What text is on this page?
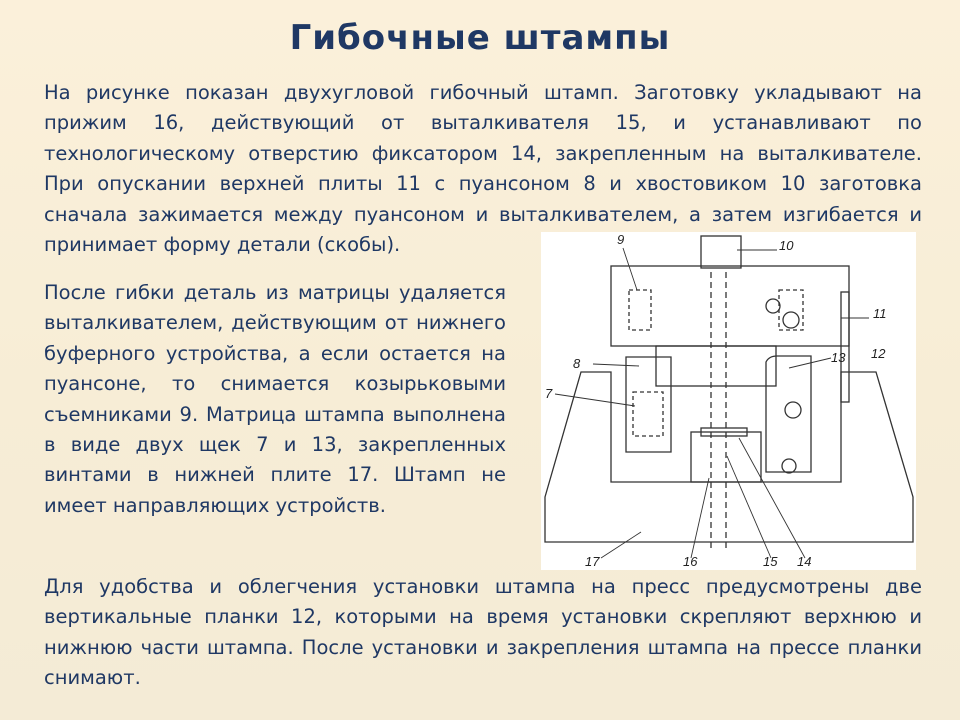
Гибочные штампы

На рисунке показан двухугловой гибочный штамп. Заготовку укладывают на прижим 16, действующий от выталкивателя 15, и устанавливают по технологическому отверстию фиксатором 14, закрепленным на выталкивателе. При опускании верхней плиты 11 с пуансоном 8 и хвостовиком 10 заготовка сначала зажимается между пуансоном и выталкивателем, а затем изгибается и принимает форму детали (скобы).

После гибки деталь из матрицы удаляется выталкивателем, действующим от нижнего буферного устройства, а если остается на пуансоне, то снимается козырьковыми съемниками 9. Матрица штампа выполнена в виде двух щек 7 и 13, закрепленных винтами в нижней плите 17. Штамп не имеет направляющих устройств.

Для удобства и облегчения установки штампа на пресс предусмотрены две вертикальные планки 12, которыми на время установки скрепляют верхнюю и нижнюю части штампа. После установки и закрепления штампа на прессе планки снимают.

9	10
11
12
13
8
7
17	16	15 14
